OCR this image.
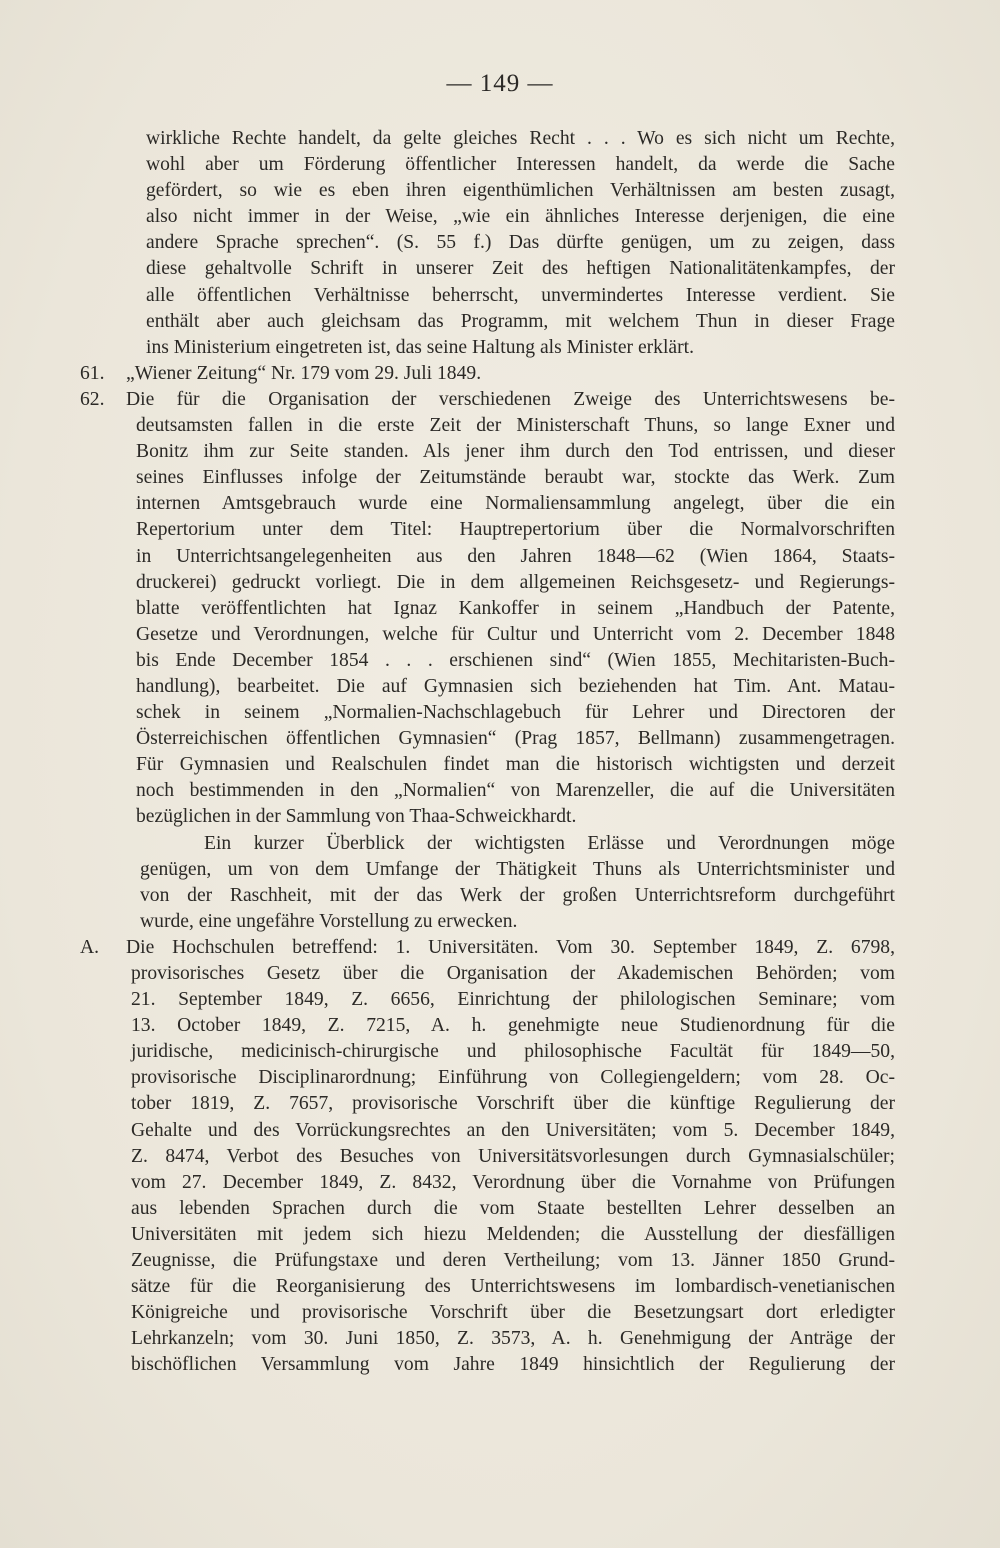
— 149 —
wirkliche Rechte handelt, da gelte gleiches Recht . . . Wo es sich nicht um Rechte,
wohl aber um Förderung öffentlicher Interessen handelt, da werde die Sache
gefördert, so wie es eben ihren eigenthümlichen Verhältnissen am besten zusagt,
also nicht immer in der Weise, „wie ein ähnliches Interesse derjenigen, die eine
andere Sprache sprechen“. (S. 55 f.) Das dürfte genügen, um zu zeigen, dass
diese gehaltvolle Schrift in unserer Zeit des heftigen Nationalitätenkampfes, der
alle öffentlichen Verhältnisse beherrscht, unvermindertes Interesse verdient. Sie
enthält aber auch gleichsam das Programm, mit welchem Thun in dieser Frage
ins Ministerium eingetreten ist, das seine Haltung als Minister erklärt.
61. „Wiener Zeitung“ Nr. 179 vom 29. Juli 1849.
62. Die für die Organisation der verschiedenen Zweige des Unterrichtswesens be-
deutsamsten fallen in die erste Zeit der Ministerschaft Thuns, so lange Exner und
Bonitz ihm zur Seite standen. Als jener ihm durch den Tod entrissen, und dieser
seines Einflusses infolge der Zeitumstände beraubt war, stockte das Werk. Zum
internen Amtsgebrauch wurde eine Normaliensammlung angelegt, über die ein
Repertorium unter dem Titel: Hauptrepertorium über die Normalvorschriften
in Unterrichtsangelegenheiten aus den Jahren 1848—62 (Wien 1864, Staats-
druckerei) gedruckt vorliegt. Die in dem allgemeinen Reichsgesetz- und Regierungs-
blatte veröffentlichten hat Ignaz Kankoffer in seinem „Handbuch der Patente,
Gesetze und Verordnungen, welche für Cultur und Unterricht vom 2. December 1848
bis Ende December 1854 . . . erschienen sind“ (Wien 1855, Mechitaristen-Buch-
handlung), bearbeitet. Die auf Gymnasien sich beziehenden hat Tim. Ant. Matau-
schek in seinem „Normalien-Nachschlagebuch für Lehrer und Directoren der
Österreichischen öffentlichen Gymnasien“ (Prag 1857, Bellmann) zusammengetragen.
Für Gymnasien und Realschulen findet man die historisch wichtigsten und derzeit
noch bestimmenden in den „Normalien“ von Marenzeller, die auf die Universitäten
bezüglichen in der Sammlung von Thaa-Schweickhardt.
Ein kurzer Überblick der wichtigsten Erlässe und Verordnungen möge
genügen, um von dem Umfange der Thätigkeit Thuns als Unterrichtsminister und
von der Raschheit, mit der das Werk der großen Unterrichtsreform durchgeführt
wurde, eine ungefähre Vorstellung zu erwecken.
A. Die Hochschulen betreffend: 1. Universitäten. Vom 30. September 1849, Z. 6798,
provisorisches Gesetz über die Organisation der Akademischen Behörden; vom
21. September 1849, Z. 6656, Einrichtung der philologischen Seminare; vom
13. October 1849, Z. 7215, A. h. genehmigte neue Studienordnung für die
juridische, medicinisch-chirurgische und philosophische Facultät für 1849—50,
provisorische Disciplinarordnung; Einführung von Collegiengeldern; vom 28. Oc-
tober 1819, Z. 7657, provisorische Vorschrift über die künftige Regulierung der
Gehalte und des Vorrückungsrechtes an den Universitäten; vom 5. December 1849,
Z. 8474, Verbot des Besuches von Universitätsvorlesungen durch Gymnasialschüler;
vom 27. December 1849, Z. 8432, Verordnung über die Vornahme von Prüfungen
aus lebenden Sprachen durch die vom Staate bestellten Lehrer desselben an
Universitäten mit jedem sich hiezu Meldenden; die Ausstellung der diesfälligen
Zeugnisse, die Prüfungstaxe und deren Vertheilung; vom 13. Jänner 1850 Grund-
sätze für die Reorganisierung des Unterrichtswesens im lombardisch-venetianischen
Königreiche und provisorische Vorschrift über die Besetzungsart dort erledigter
Lehrkanzeln; vom 30. Juni 1850, Z. 3573, A. h. Genehmigung der Anträge der
bischöflichen Versammlung vom Jahre 1849 hinsichtlich der Regulierung der
